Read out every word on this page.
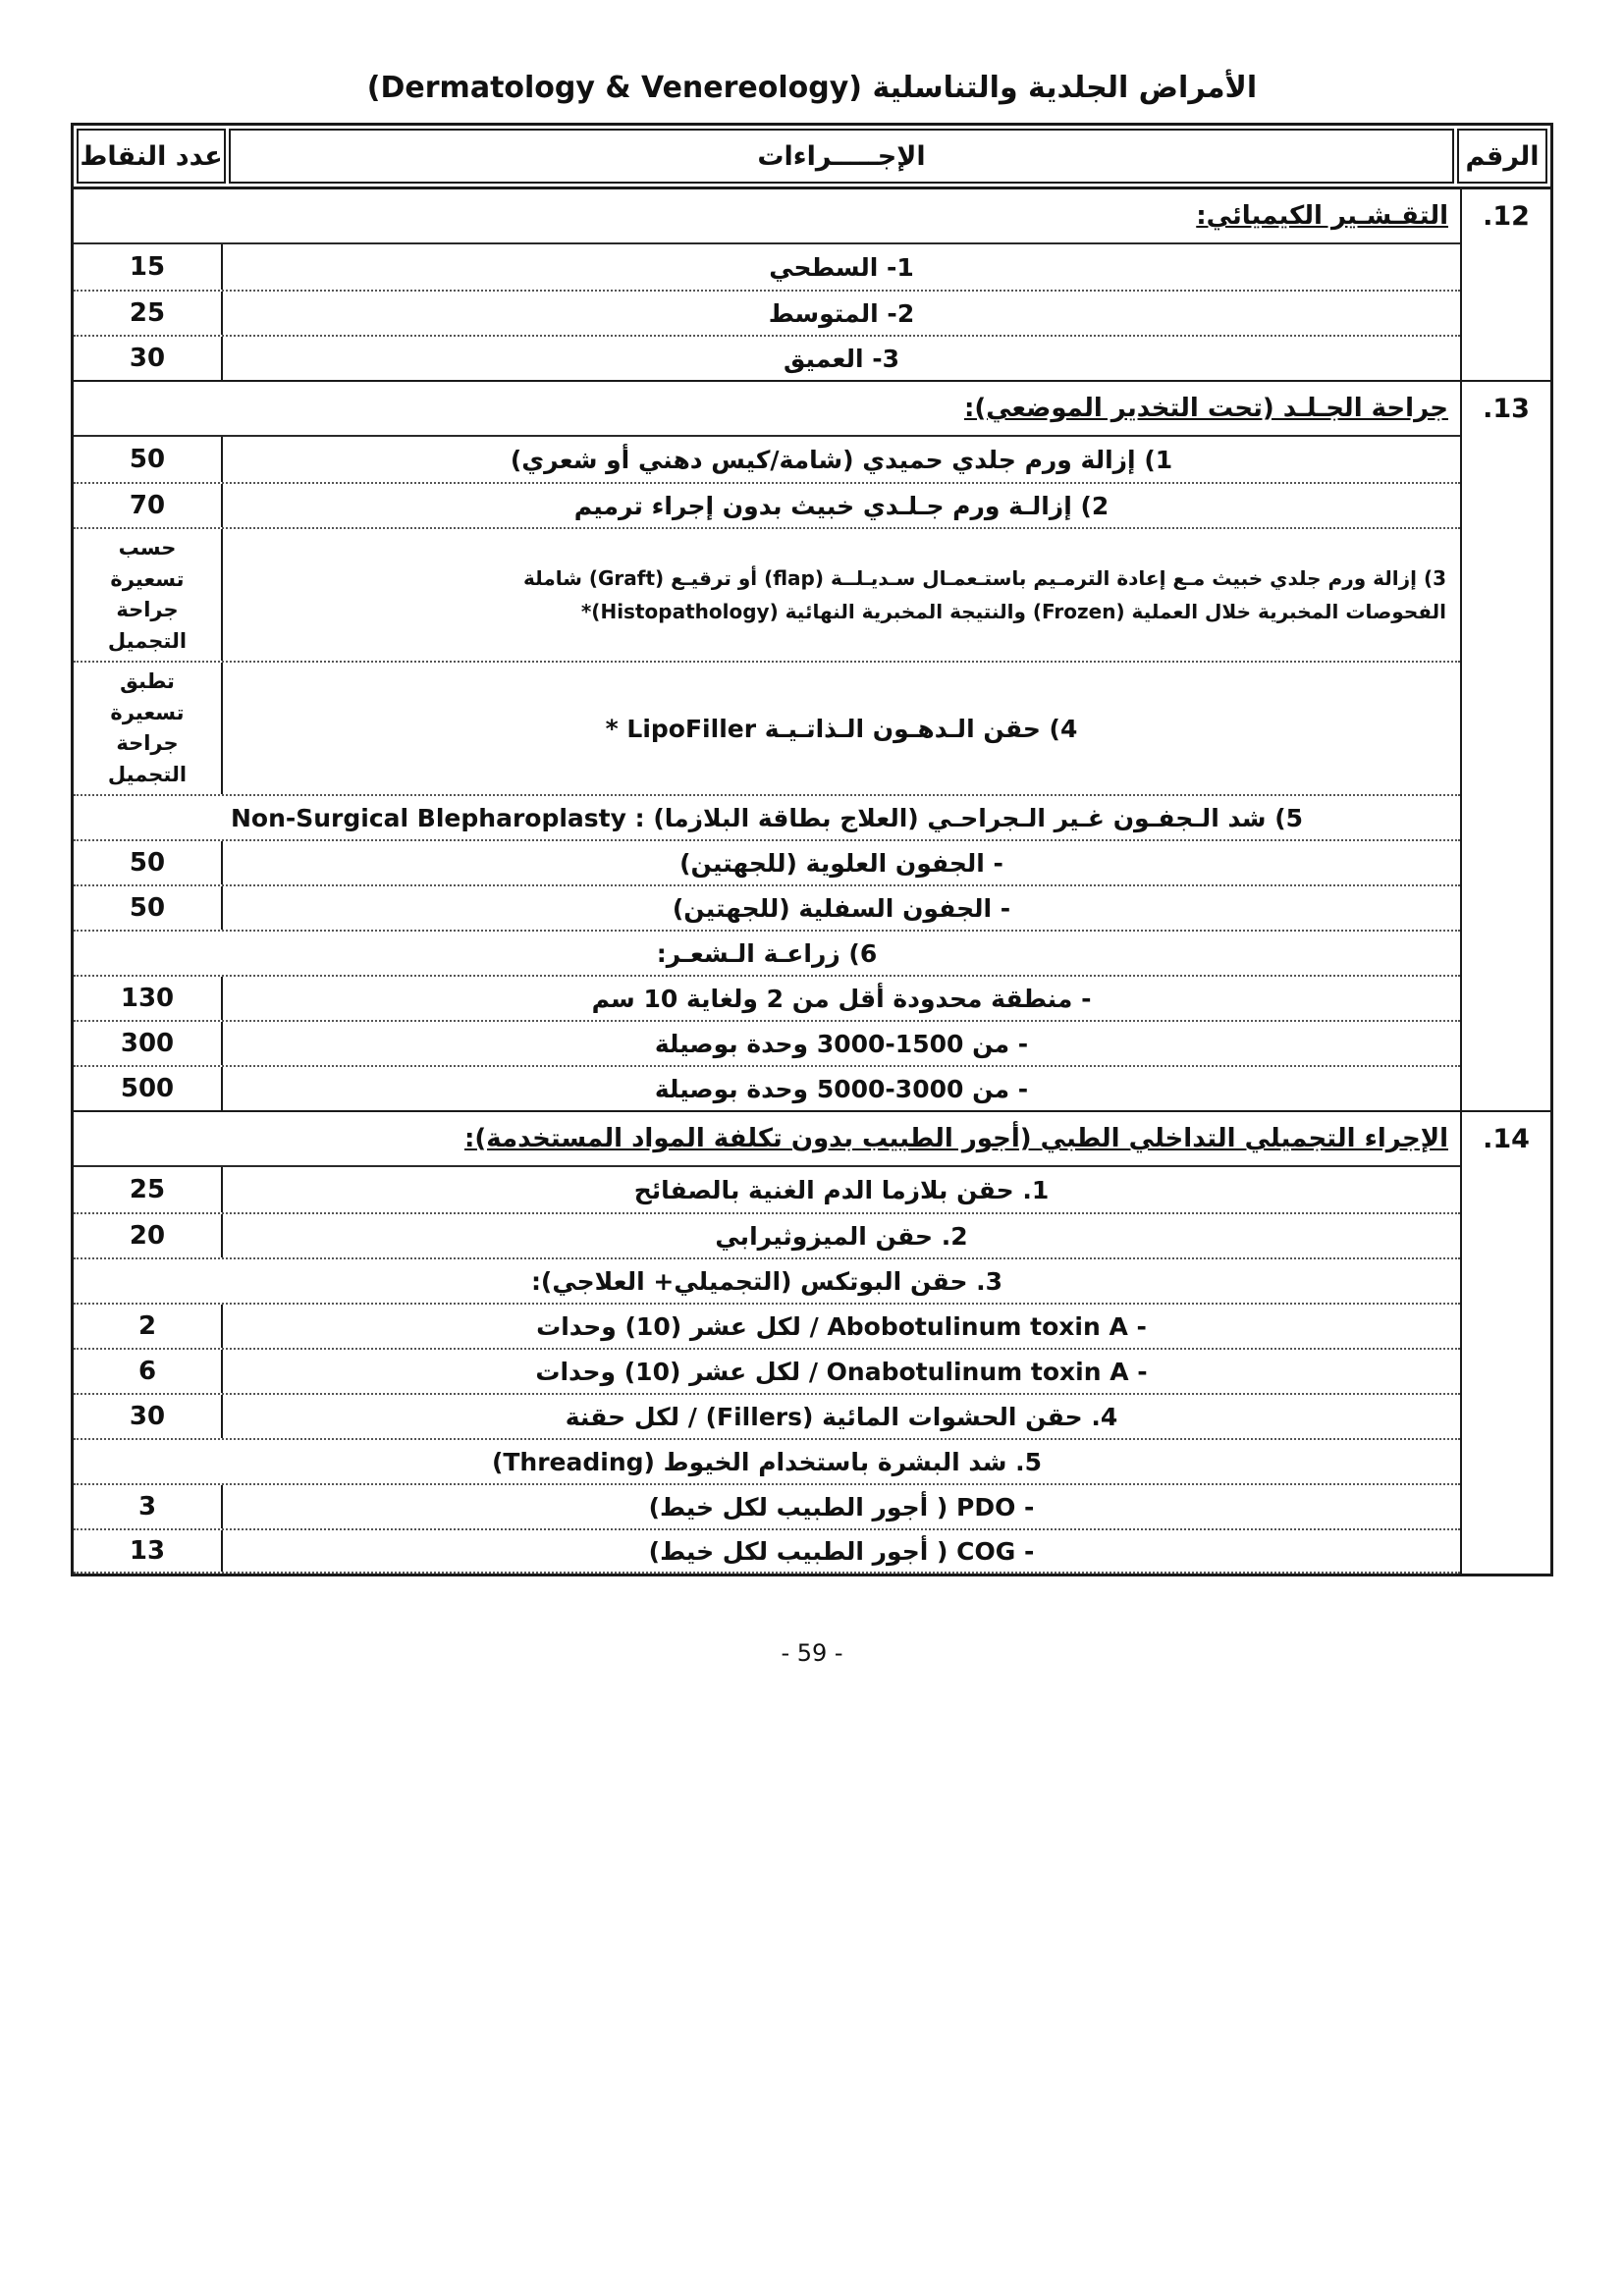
الأمراض الجلدية والتناسلية (Dermatology & Venereology)
الرقم
الإجـــــراءات
عدد النقاط
12.
التقـشـير الكيميائي:
1- السطحي
15
2- المتوسط
25
3- العميق
30
13.
جراحة الجـلـد (تحت التخدير الموضعي):
1) إزالة ورم جلدي حميدي (شامة/كيس دهني أو شعري)
50
2) إزالـة ورم جـلـدي خبيث بدون إجراء ترميم
70
3) إزالة ورم جلدي خبيث مـع إعادة الترمـيم باستـعمـال سـديـلــة (flap) أو ترقيـع (Graft) شاملة
الفحوصات المخبرية خلال العملية (Frozen) والنتيجة المخبرية النهائية (Histopathology)*
حسب تسعيرة
جراحة التجميل
4) حقن الـدهـون الـذاتـيـة LipoFiller *
تطبق تسعيرة
جراحة التجميل
5) شد الـجفـون غـير الـجراحـي (العلاج بطاقة البلازما) : Non-Surgical Blepharoplasty
- الجفون العلوية (للجهتين)
50
- الجفون السفلية (للجهتين)
50
6) زراعـة الـشعـر:
- منطقة محدودة أقل من 2 ولغاية 10 سم
130
- من 1500-3000 وحدة بوصيلة
300
- من 3000-5000 وحدة بوصيلة
500
14.
الإجراء التجميلي التداخلي الطبي (أجور الطبيب بدون تكلفة المواد المستخدمة):
1. حقن بلازما الدم الغنية بالصفائح
25
2. حقن الميزوثيرابي
20
3. حقن البوتكس (التجميلي+ العلاجي):
- Abobotulinum toxin A / لكل عشر (10) وحدات
2
- Onabotulinum toxin A / لكل عشر (10) وحدات
6
4. حقن الحشوات المائية (Fillers) / لكل حقنة
30
5. شد البشرة باستخدام الخيوط (Threading)
- PDO ( أجور الطبيب لكل خيط)
3
- COG ( أجور الطبيب لكل خيط)
13
- 59 -
